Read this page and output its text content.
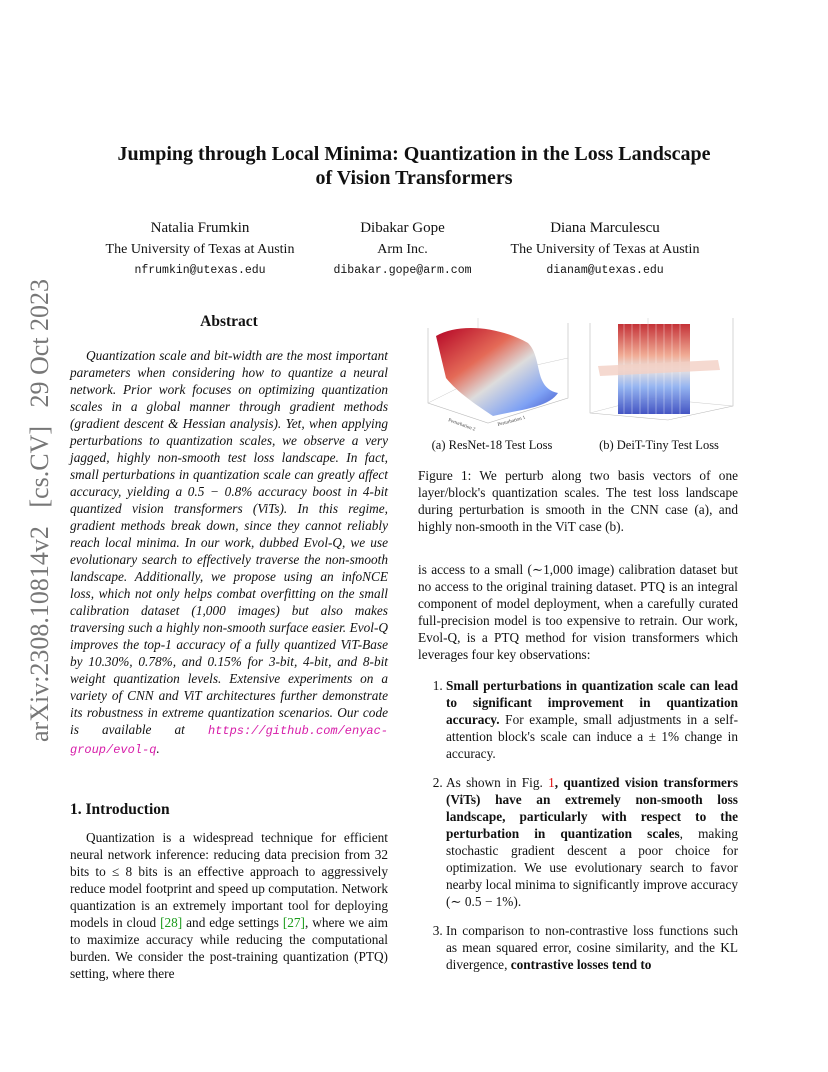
arXiv:2308.10814v2 [cs.CV] 29 Oct 2023
Jumping through Local Minima: Quantization in the Loss Landscape
of Vision Transformers
Natalia Frumkin
The University of Texas at Austin
nfrumkin@utexas.edu
Dibakar Gope
Arm Inc.
dibakar.gope@arm.com
Diana Marculescu
The University of Texas at Austin
dianam@utexas.edu
Abstract
Quantization scale and bit-width are the most important parameters when considering how to quantize a neural network. Prior work focuses on optimizing quantization scales in a global manner through gradient methods (gradient descent & Hessian analysis). Yet, when applying perturbations to quantization scales, we observe a very jagged, highly non-smooth test loss landscape. In fact, small perturbations in quantization scale can greatly affect accuracy, yielding a 0.5 − 0.8% accuracy boost in 4-bit quantized vision transformers (ViTs). In this regime, gradient methods break down, since they cannot reliably reach local minima. In our work, dubbed Evol-Q, we use evolutionary search to effectively traverse the non-smooth landscape. Additionally, we propose using an infoNCE loss, which not only helps combat overfitting on the small calibration dataset (1,000 images) but also makes traversing such a highly non-smooth surface easier. Evol-Q improves the top-1 accuracy of a fully quantized ViT-Base by 10.30%, 0.78%, and 0.15% for 3-bit, 4-bit, and 8-bit weight quantization levels. Extensive experiments on a variety of CNN and ViT architectures further demonstrate its robustness in extreme quantization scenarios. Our code is available at https://github.com/enyac-group/evol-q.
1. Introduction
Quantization is a widespread technique for efficient neural network inference: reducing data precision from 32 bits to ≤ 8 bits is an effective approach to aggressively reduce model footprint and speed up computation. Network quantization is an extremely important tool for deploying models in cloud [28] and edge settings [27], where we aim to maximize accuracy while reducing the computational burden. We consider the post-training quantization (PTQ) setting, where there
Perturbation 2	Perturbation 1
(a) ResNet-18 Test Loss	(b) DeiT-Tiny Test Loss
Figure 1: We perturb along two basis vectors of one layer/block's quantization scales. The test loss landscape during perturbation is smooth in the CNN case (a), and highly non-smooth in the ViT case (b).
is access to a small (∼1,000 image) calibration dataset but no access to the original training dataset. PTQ is an integral component of model deployment, when a carefully curated full-precision model is too expensive to retrain. Our work, Evol-Q, is a PTQ method for vision transformers which leverages four key observations:
1. Small perturbations in quantization scale can lead to significant improvement in quantization accuracy. For example, small adjustments in a self-attention block's scale can induce a ± 1% change in accuracy.
2. As shown in Fig. 1, quantized vision transformers (ViTs) have an extremely non-smooth loss landscape, particularly with respect to the perturbation in quantization scales, making stochastic gradient descent a poor choice for optimization. We use evolutionary search to favor nearby local minima to significantly improve accuracy (∼ 0.5 − 1%).
3. In comparison to non-contrastive loss functions such as mean squared error, cosine similarity, and the KL divergence, contrastive losses tend to
